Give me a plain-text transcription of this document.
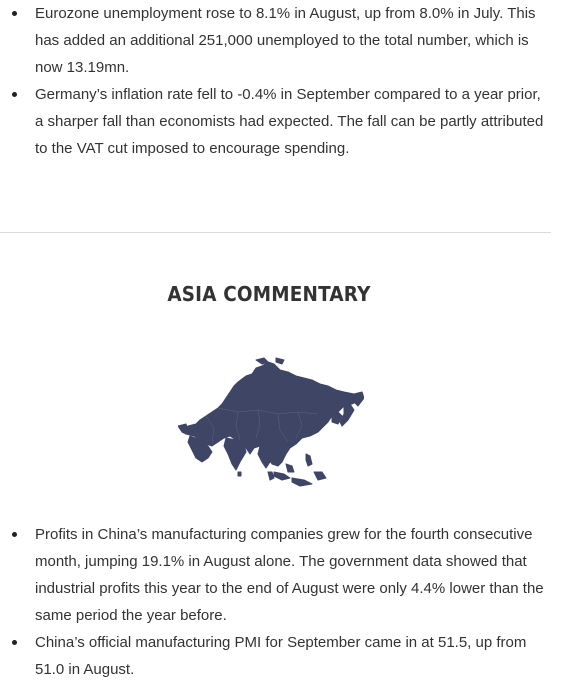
Eurozone unemployment rose to 8.1% in August, up from 8.0% in July. This has added an additional 251,000 unemployed to the total number, which is now 13.19mn.
Germany’s inflation rate fell to -0.4% in September compared to a year prior, a sharper fall than economists had expected. The fall can be partly attributed to the VAT cut imposed to encourage spending.
ASIA COMMENTARY
Profits in China’s manufacturing companies grew for the fourth consecutive month, jumping 19.1% in August alone. The government data showed that industrial profits this year to the end of August were only 4.4% lower than the same period the year before.
China’s official manufacturing PMI for September came in at 51.5, up from 51.0 in August.
